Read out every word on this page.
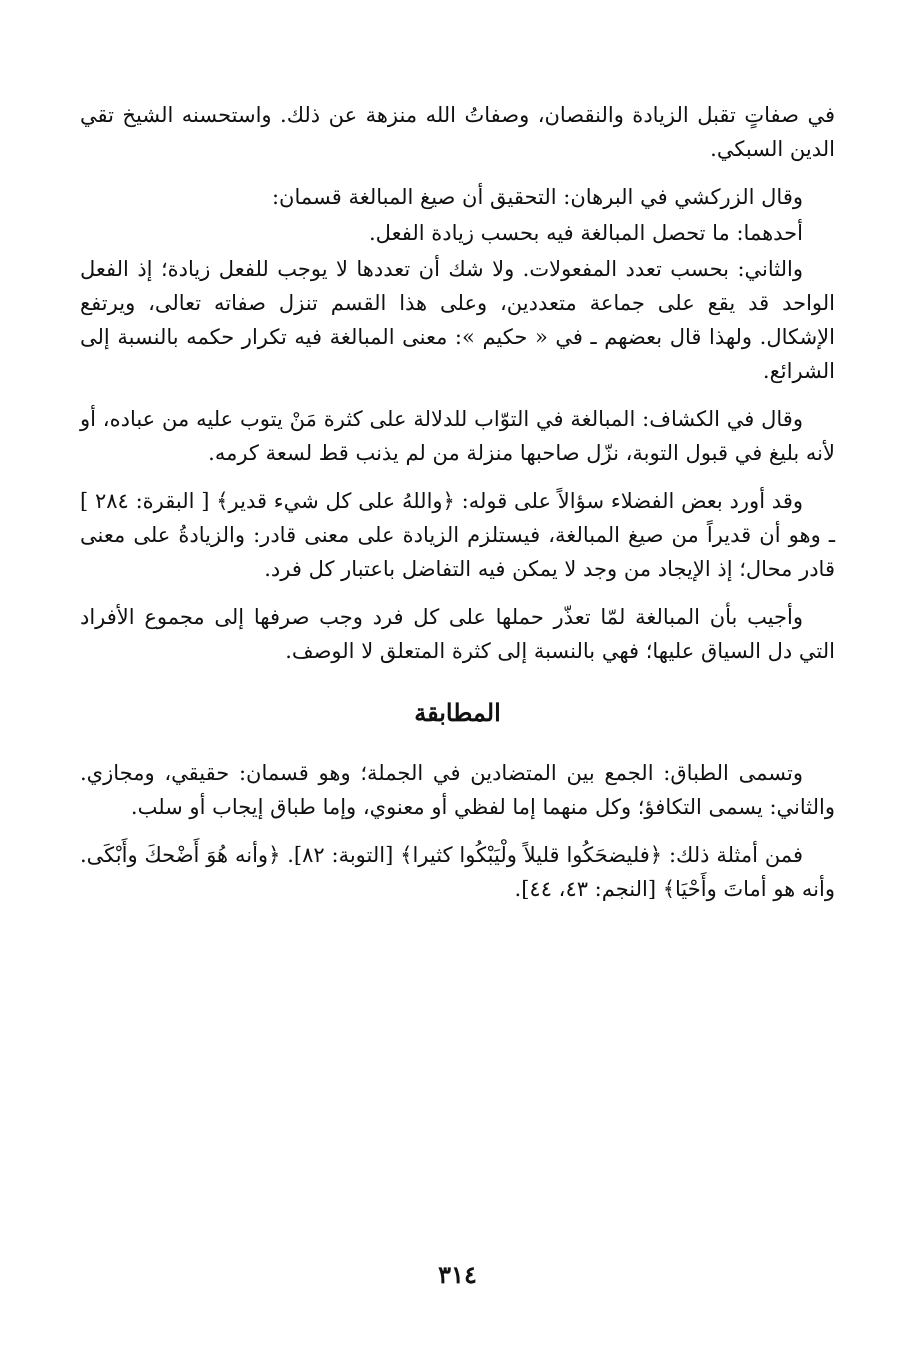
في صفاتٍ تقبل الزيادة والنقصان، وصفاتُ الله منزهة عن ذلك. واستحسنه الشيخ تقي الدين السبكي.

وقال الزركشي في البرهان: التحقيق أن صيغ المبالغة قسمان:

أحدهما: ما تحصل المبالغة فيه بحسب زيادة الفعل.

والثاني: بحسب تعدد المفعولات. ولا شك أن تعددها لا يوجب للفعل زيادة؛ إذ الفعل الواحد قد يقع على جماعة متعددين، وعلى هذا القسم تنزل صفاته تعالى، ويرتفع الإشكال. ولهذا قال بعضهم ـ في « حكيم »: معنى المبالغة فيه تكرار حكمه بالنسبة إلى الشرائع.

وقال في الكشاف: المبالغة في التوّاب للدلالة على كثرة مَنْ يتوب عليه من عباده، أو لأنه بليغ في قبول التوبة، نزّل صاحبها منزلة من لم يذنب قط لسعة كرمه.

وقد أورد بعض الفضلاء سؤالاً على قوله: ﴿واللهُ على كل شيء قدير﴾ [ البقرة: ٢٨٤ ] ـ وهو أن قديراً من صيغ المبالغة، فيستلزم الزيادة على معنى قادر: والزيادةُ على معنى قادر محال؛ إذ الإيجاد من وجد لا يمكن فيه التفاضل باعتبار كل فرد.

وأجيب بأن المبالغة لمّا تعذّر حملها على كل فرد وجب صرفها إلى مجموع الأفراد التي دل السياق عليها؛ فهي بالنسبة إلى كثرة المتعلق لا الوصف.

المطابقة

وتسمى الطباق: الجمع بين المتضادين في الجملة؛ وهو قسمان: حقيقي، ومجازي. والثاني: يسمى التكافؤ؛ وكل منهما إما لفظي أو معنوي، وإما طباق إيجاب أو سلب.

فمن أمثلة ذلك: ﴿فليضحَكُوا قليلاً ولْيَبْكُوا كثيرا﴾ [التوبة: ٨٢]. ﴿وأنه هُوَ أَضْحكَ وأَبْكَى. وأنه هو أماتَ وأَحْيَا﴾ [النجم: ٤٣، ٤٤].

٣١٤
